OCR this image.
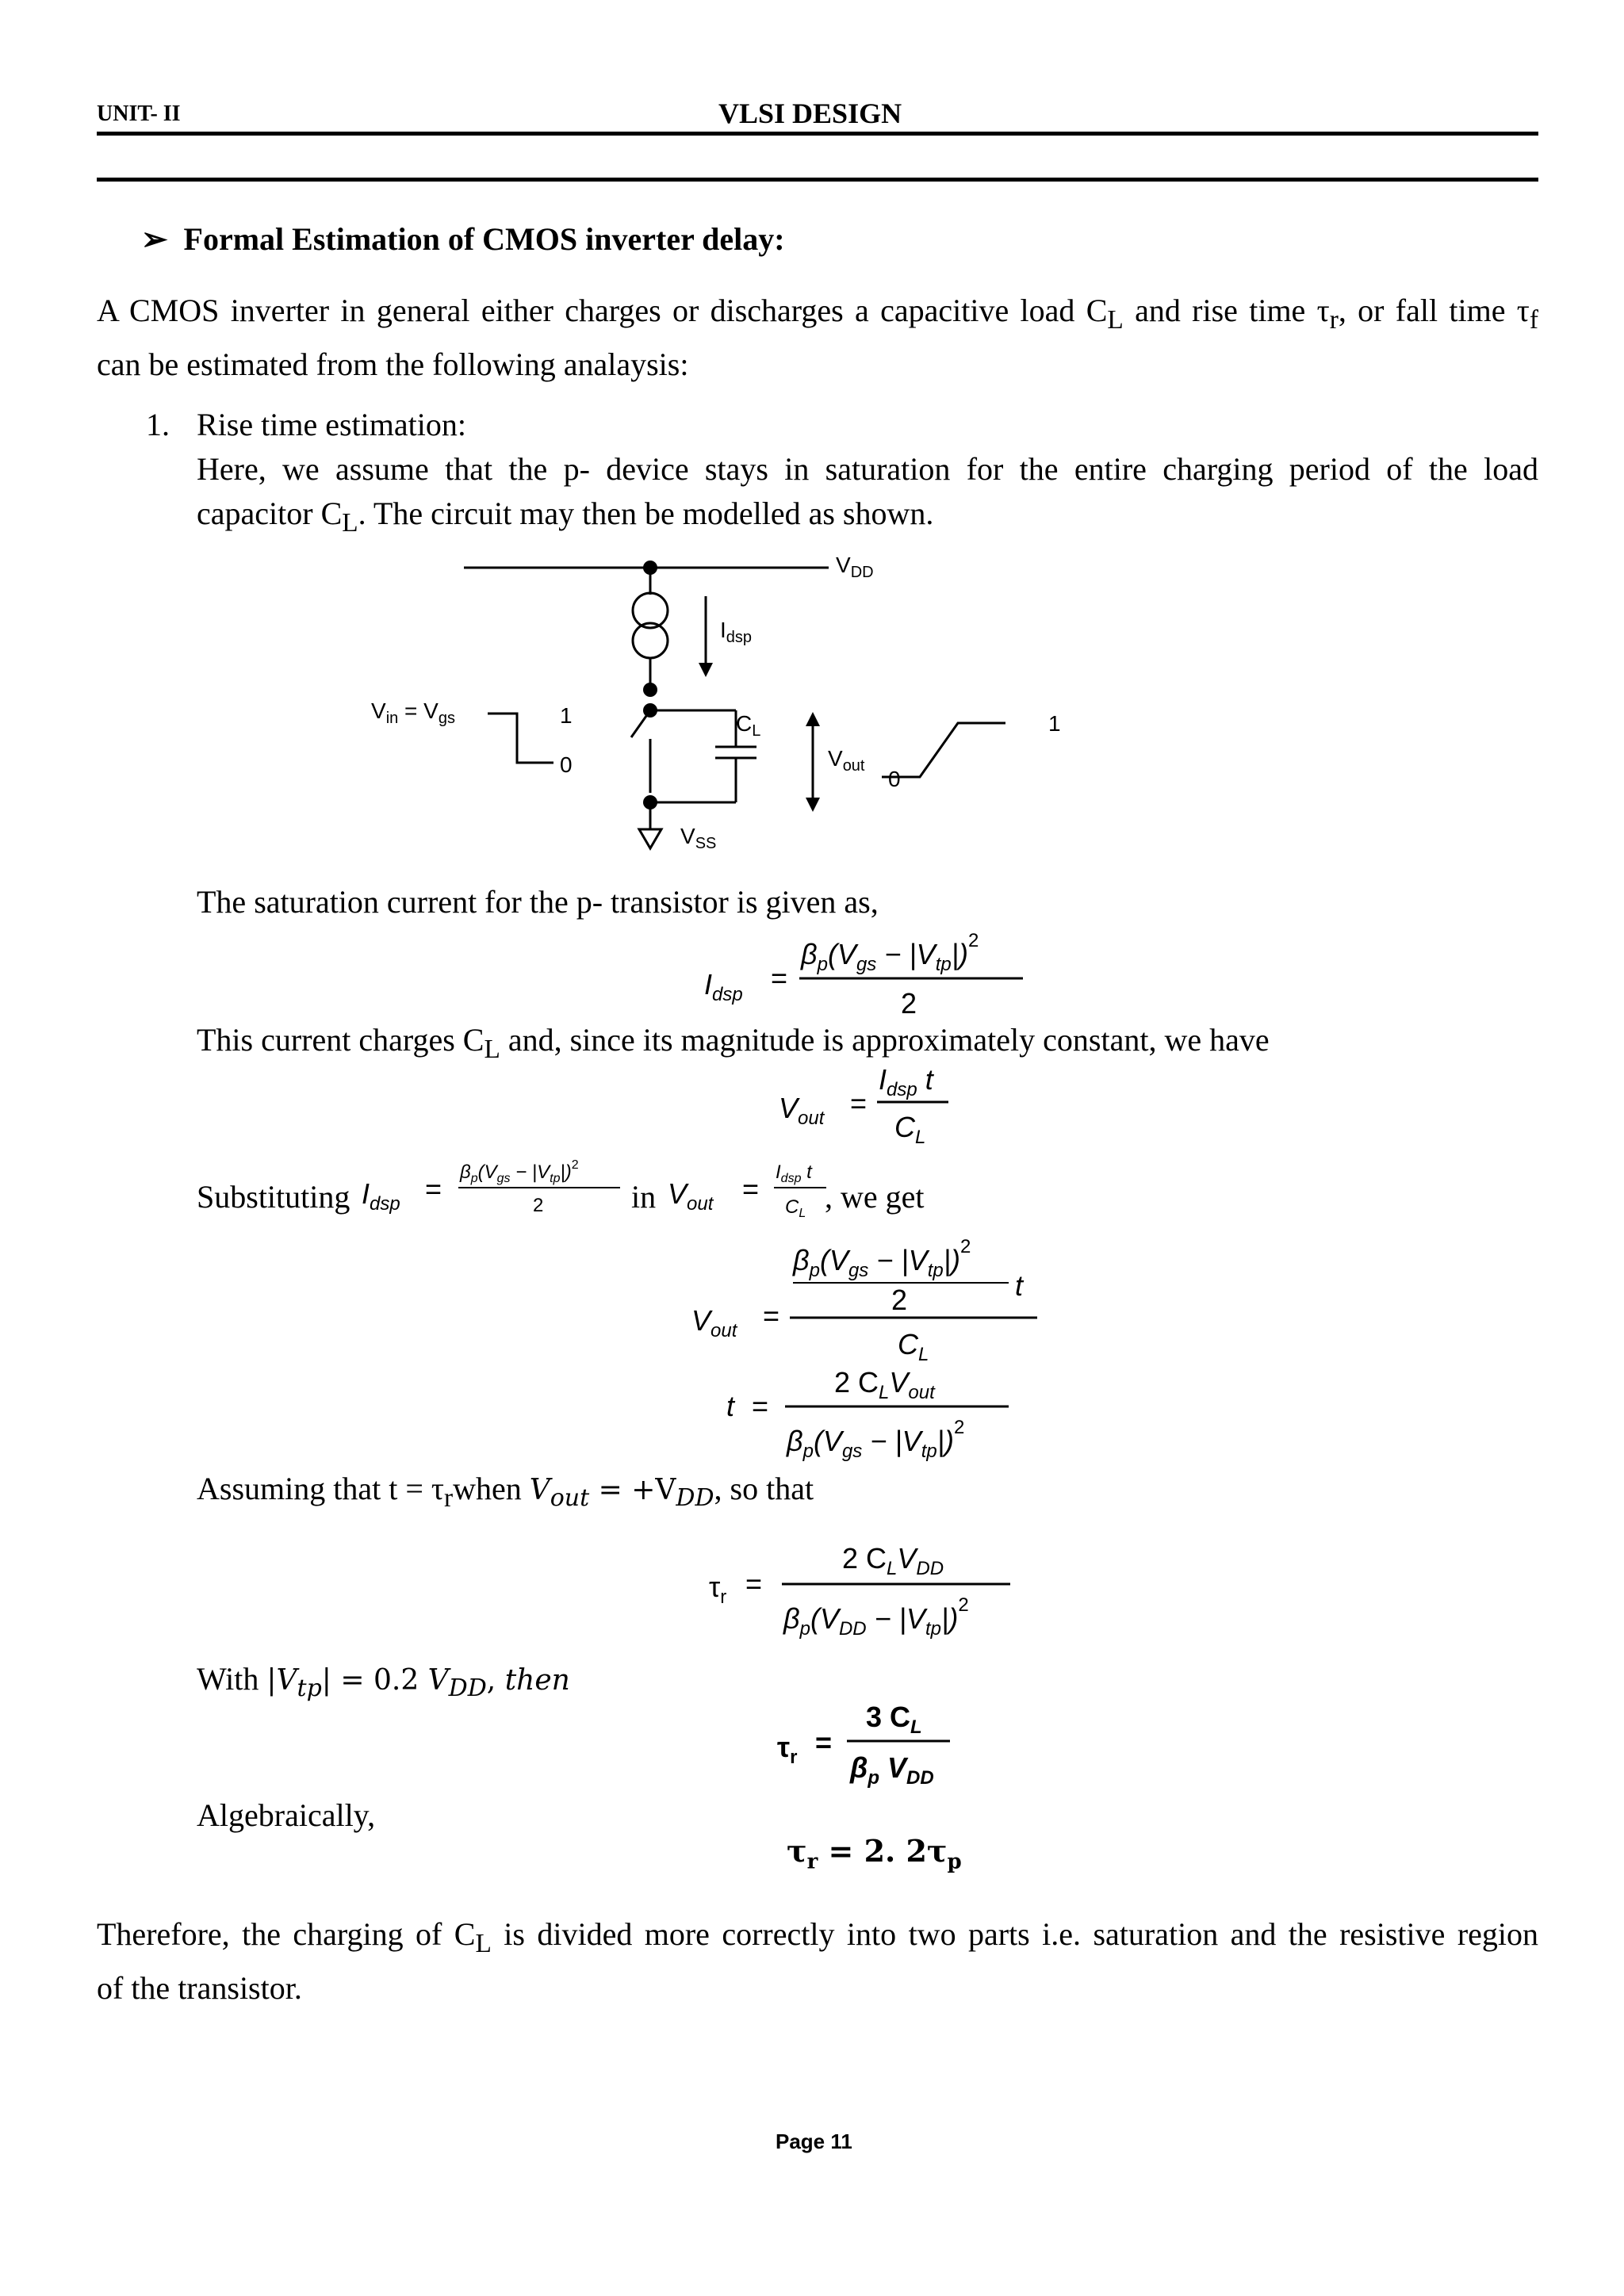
UNIT- II	VLSI DESIGN
➢ Formal Estimation of CMOS inverter delay:
A CMOS inverter in general either charges or discharges a capacitive load $C_L$ and rise time $\tau_r$, or fall time $\tau_f$
can be estimated from the following analaysis:
1. Rise time estimation:
Here, we assume that the p- device stays in saturation for the entire charging period of the load
capacitor $C_L$. The circuit may then be modelled as shown.
$V_{DD}$
$I_{dsp}$
$V_{in} = V_{gs}$	1
0
$C_L$
$V_{out}$
0
1
$V_{SS}$
The saturation current for the p- transistor is given as,
$I_{dsp}$
=
$\beta_p(V_{gs} - |V_{tp}|)^2$
2
This current charges $C_L$ and, since its magnitude is approximately constant, we have
$V_{out}$ =
$I_{dsp}$ t
$C_L$
Substituting $I_{dsp}$ =
$\beta_p(V_{gs} - |V_{tp}|)^2$
2	in $V_{out}$ =
$I_{dsp}$ t
$C_L$ , we get
$V_{out}$ =
$\beta_p(V_{gs} - |V_{tp}|)^2$
2	t
$C_L$
t =
2 $C_LV_{out}$
$\beta_p(V_{gs} - |V_{tp}|)^2$
Assuming that $t = \tau_rwhen$ $V_{out} = +V_{DD}$, so that
$\tau_r$ =
2 $C_LV_{DD}$
$\beta_p(V_{DD} - |V_{tp}|)^2$
With $|V_{tp}| = 0.2$ $V_{DD}$, then
$\tau_r$ =
3 $C_L$
$\beta_p$ $V_{DD}$
Algebraically,
$\tau_r = 2$. $2\tau_p$
Therefore, the charging of $C_L$ is divided more correctly into two parts i.e. saturation and the resistive region
of the transistor.
Page 11
